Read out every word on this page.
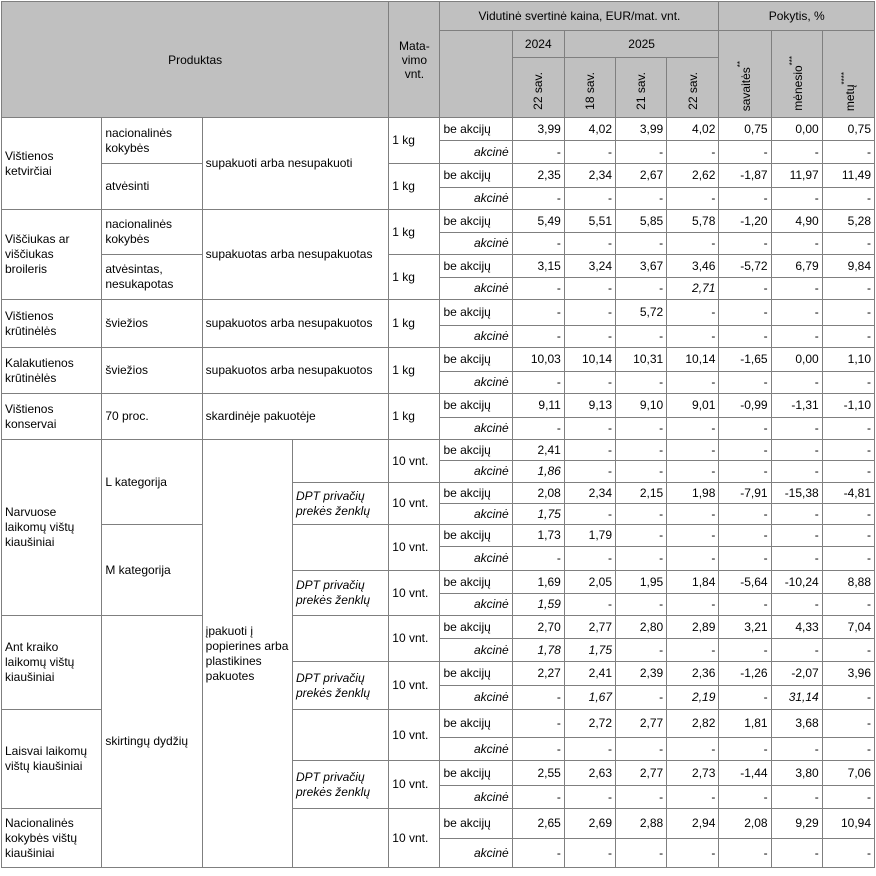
Produktas				Mata-
vimo
vnt.	Vidutinė svertinė kaina, EUR/mat. vnt.					Pokytis, %		
						2024	2025			savaitės**	mėnesio***	metų****

						22 sav.	18 sav.	21 sav.	22 sav.			

Vištienos ketvirčiai	nacionalinės kokybės	supakuoti arba nesupakuoti		1 kg	be akcijų	3,99	4,02	3,99	4,02	0,75	0,00	0,75
					akcinė	-	-	-	-	-	-	-
	atvėsinti			1 kg	be akcijų	2,35	2,34	2,67	2,62	-1,87	11,97	11,49
					akcinė	-	-	-	-	-	-	-
Viščiukas ar viščiukas broileris	nacionalinės kokybės	supakuotas arba nesupakuotas		1 kg	be akcijų	5,49	5,51	5,85	5,78	-1,20	4,90	5,28
					akcinė	-	-	-	-	-	-	-
	atvėsintas, nesukapotas			1 kg	be akcijų	3,15	3,24	3,67	3,46	-5,72	6,79	9,84
					akcinė	-	-	-	2,71	-	-	-
Vištienos krūtinėlės	šviežios	supakuotos arba nesupakuotos		1 kg	be akcijų	-	-	5,72	-	-	-	-
					akcinė	-	-	-	-	-	-	-
Kalakutienos krūtinėlės	šviežios	supakuotos arba nesupakuotos		1 kg	be akcijų	10,03	10,14	10,31	10,14	-1,65	0,00	1,10
					akcinė	-	-	-	-	-	-	-
Vištienos konservai	70 proc.	skardinėje pakuotėje		1 kg	be akcijų	9,11	9,13	9,10	9,01	-0,99	-1,31	-1,10
					akcinė	-	-	-	-	-	-	-
Narvuose laikomų vištų kiaušiniai	L kategorija	įpakuoti į popierines arba plastikines pakuotes		10 vnt.	be akcijų	2,41	-	-	-	-	-	-
					akcinė	1,86	-	-	-	-	-	-
			DPT privačių prekės ženklų	10 vnt.	be akcijų	2,08	2,34	2,15	1,98	-7,91	-15,38	-4,81
					akcinė	1,75	-	-	-	-	-	-
	M kategorija			10 vnt.	be akcijų	1,73	1,79	-	-	-	-	-
					akcinė	-	-	-	-	-	-	-
			DPT privačių prekės ženklų	10 vnt.	be akcijų	1,69	2,05	1,95	1,84	-5,64	-10,24	8,88
					akcinė	1,59	-	-	-	-	-	-
Ant kraiko laikomų vištų kiaušiniai	skirtingų dydžių			10 vnt.	be akcijų	2,70	2,77	2,80	2,89	3,21	4,33	7,04
					akcinė	1,78	1,75	-	-	-	-	-
			DPT privačių prekės ženklų	10 vnt.	be akcijų	2,27	2,41	2,39	2,36	-1,26	-2,07	3,96
					akcinė	-	1,67	-	2,19	-	31,14	-
Laisvai laikomų vištų kiaušiniai				10 vnt.	be akcijų	-	2,72	2,77	2,82	1,81	3,68	-
					akcinė	-	-	-	-	-	-	-
			DPT privačių prekės ženklų	10 vnt.	be akcijų	2,55	2,63	2,77	2,73	-1,44	3,80	7,06
					akcinė	-	-	-	-	-	-	-
Nacionalinės kokybės vištų kiaušiniai				10 vnt.	be akcijų	2,65	2,69	2,88	2,94	2,08	9,29	10,94
					akcinė	-	-	-	-	-	-	-
